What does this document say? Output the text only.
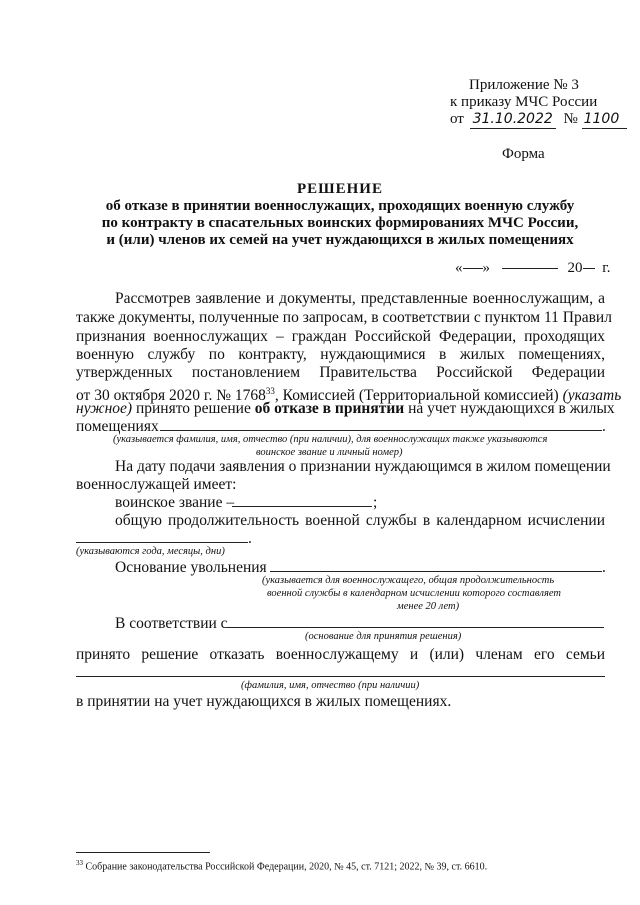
Приложение № 3
к приказу МЧС России
от 31.10.2022 № 1100
Форма
РЕШЕНИЕ
об отказе в принятии военнослужащих, проходящих военную службу
по контракту в спасательных воинских формированиях МЧС России,
и (или) членов их семей на учет нуждающихся в жилых помещениях
« »	20 г.
Рассмотрев заявление и документы, представленные военнослужащим, а
также документы, полученные по запросам, в соответствии с пунктом 11 Правил
признания военнослужащих – граждан Российской Федерации, проходящих
военную службу по контракту, нуждающимися в жилых помещениях,
утвержденных постановлением Правительства Российской Федерации
от 30 октября 2020 г. № 1768$^{33}$, Комиссией (Территориальной комиссией) (указать
нужное) принято решение об отказе в принятии на учет нуждающихся в жилых
помещениях	.
(указывается фамилия, имя, отчество (при наличии), для военнослужащих также указываются
воинское звание и личный номер)
На дату подачи заявления о признании нуждающимся в жилом помещении
военнослужащей имеет:
воинское звание –	;
общую продолжительность военной службы в календарном исчислении
.
(указываются года, месяцы, дни)
Основание увольнения	.
(указывается для военнослужащего, общая продолжительность
военной службы в календарном исчислении которого составляет
менее 20 лет)
В соответствии с
(основание для принятия решения)
принято решение отказать военнослужащему и (или) членам его семьи
(фамилия, имя, отчество (при наличии)
в принятии на учет нуждающихся в жилых помещениях.
$^{33}$ Собрание законодательства Российской Федерации, 2020, № 45, ст. 7121; 2022, № 39, ст. 6610.
